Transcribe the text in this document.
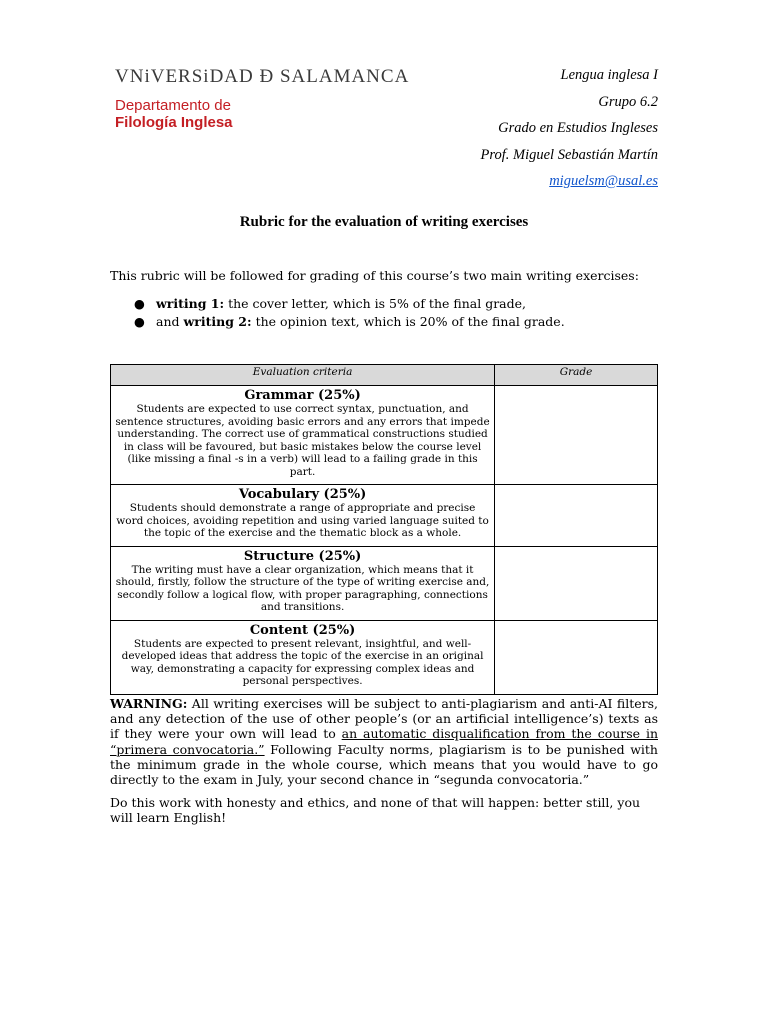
VNiVERSiDAD Ð SALAMANCA
Departamento de
Filología Inglesa
Lengua inglesa I
Grupo 6.2
Grado en Estudios Ingleses
Prof. Miguel Sebastián Martín
miguelsm@usal.es
Rubric for the evaluation of writing exercises
This rubric will be followed for grading of this course’s two main writing exercises:
● writing 1: the cover letter, which is 5% of the final grade,
● and writing 2: the opinion text, which is 20% of the final grade.
Evaluation criteria	Grade

Grammar (25%)
Students are expected to use correct syntax, punctuation, and sentence structures, avoiding basic errors and any errors that impede understanding. The correct use of grammatical constructions studied in class will be favoured, but basic mistakes below the course level (like missing a final -s in a verb) will lead to a failing grade in this part.	

Vocabulary (25%)
Students should demonstrate a range of appropriate and precise word choices, avoiding repetition and using varied language suited to the topic of the exercise and the thematic block as a whole.	

Structure (25%)
The writing must have a clear organization, which means that it should, firstly, follow the structure of the type of writing exercise and, secondly follow a logical flow, with proper paragraphing, connections and transitions.	

Content (25%)
Students are expected to present relevant, insightful, and well-developed ideas that address the topic of the exercise in an original way, demonstrating a capacity for expressing complex ideas and personal perspectives.	

WARNING: All writing exercises will be subject to anti-plagiarism and anti-AI filters, and any detection of the use of other people’s (or an artificial intelligence’s) texts as if they were your own will lead to an automatic disqualification from the course in “primera convocatoria.” Following Faculty norms, plagiarism is to be punished with the minimum grade in the whole course, which means that you would have to go directly to the exam in July, your second chance in “segunda convocatoria.”
Do this work with honesty and ethics, and none of that will happen: better still, you will learn English!
